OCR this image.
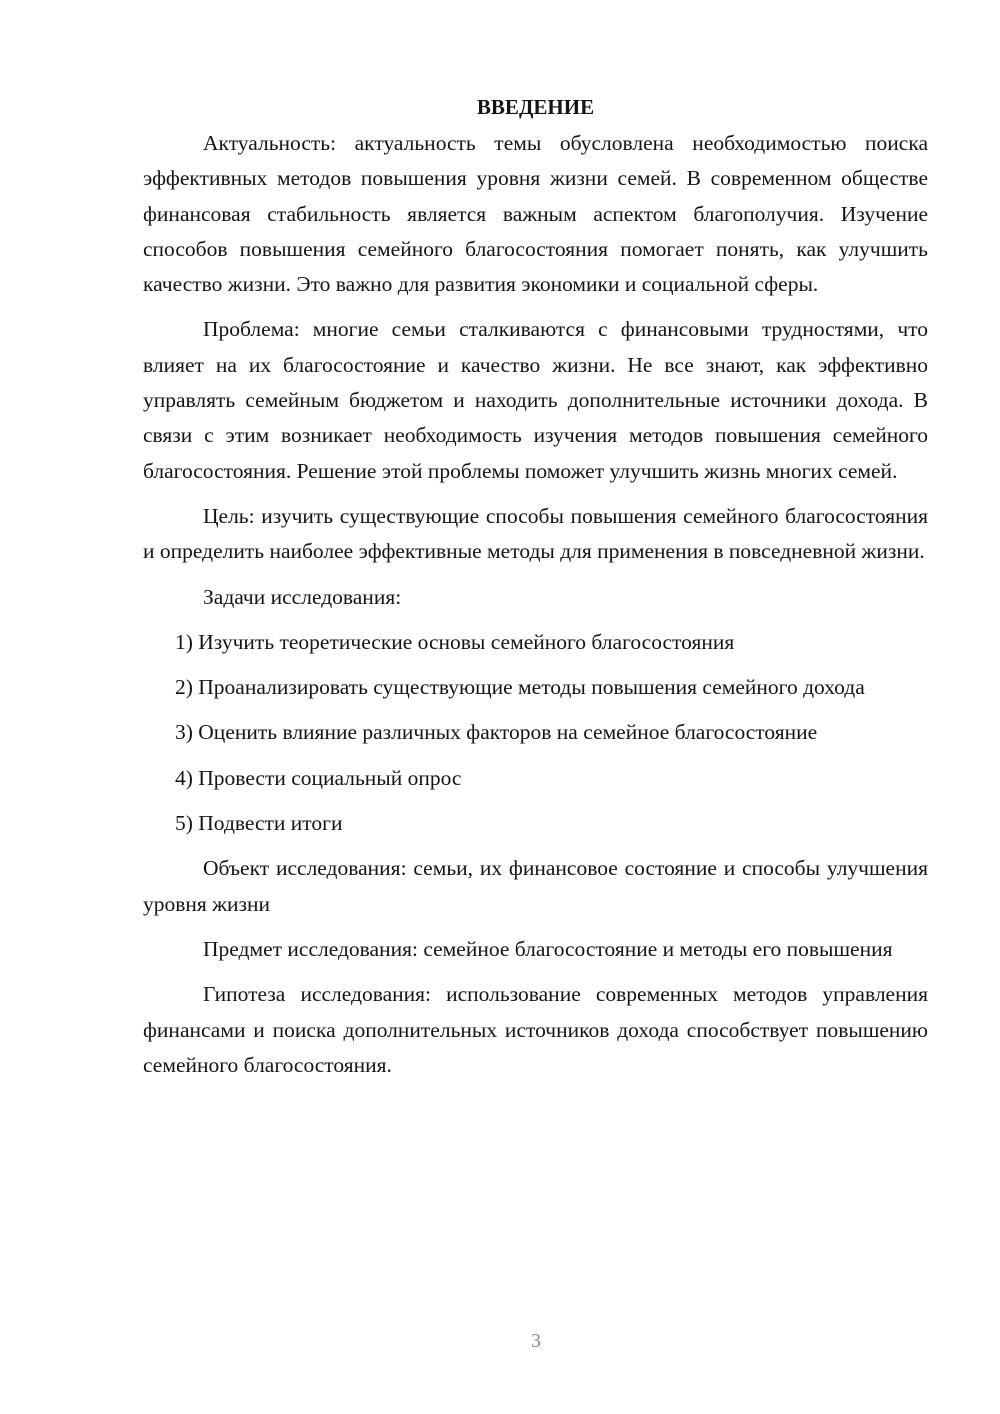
ВВЕДЕНИЕ

Актуальность: актуальность темы обусловлена необходимостью поиска эффективных методов повышения уровня жизни семей. В современном обществе финансовая стабильность является важным аспектом благополучия. Изучение способов повышения семейного благосостояния помогает понять, как улучшить качество жизни. Это важно для развития экономики и социальной сферы.

Проблема: многие семьи сталкиваются с финансовыми трудностями, что влияет на их благосостояние и качество жизни. Не все знают, как эффективно управлять семейным бюджетом и находить дополнительные источники дохода. В связи с этим возникает необходимость изучения методов повышения семейного благосостояния. Решение этой проблемы поможет улучшить жизнь многих семей.

Цель: изучить существующие способы повышения семейного благосостояния и определить наиболее эффективные методы для применения в повседневной жизни.

Задачи исследования:

1) Изучить теоретические основы семейного благосостояния

2) Проанализировать существующие методы повышения семейного дохода

3) Оценить влияние различных факторов на семейное благосостояние

4) Провести социальный опрос

5) Подвести итоги

Объект исследования: семьи, их финансовое состояние и способы улучшения уровня жизни

Предмет исследования: семейное благосостояние и методы его повышения

Гипотеза исследования: использование современных методов управления финансами и поиска дополнительных источников дохода способствует повышению семейного благосостояния.

3
